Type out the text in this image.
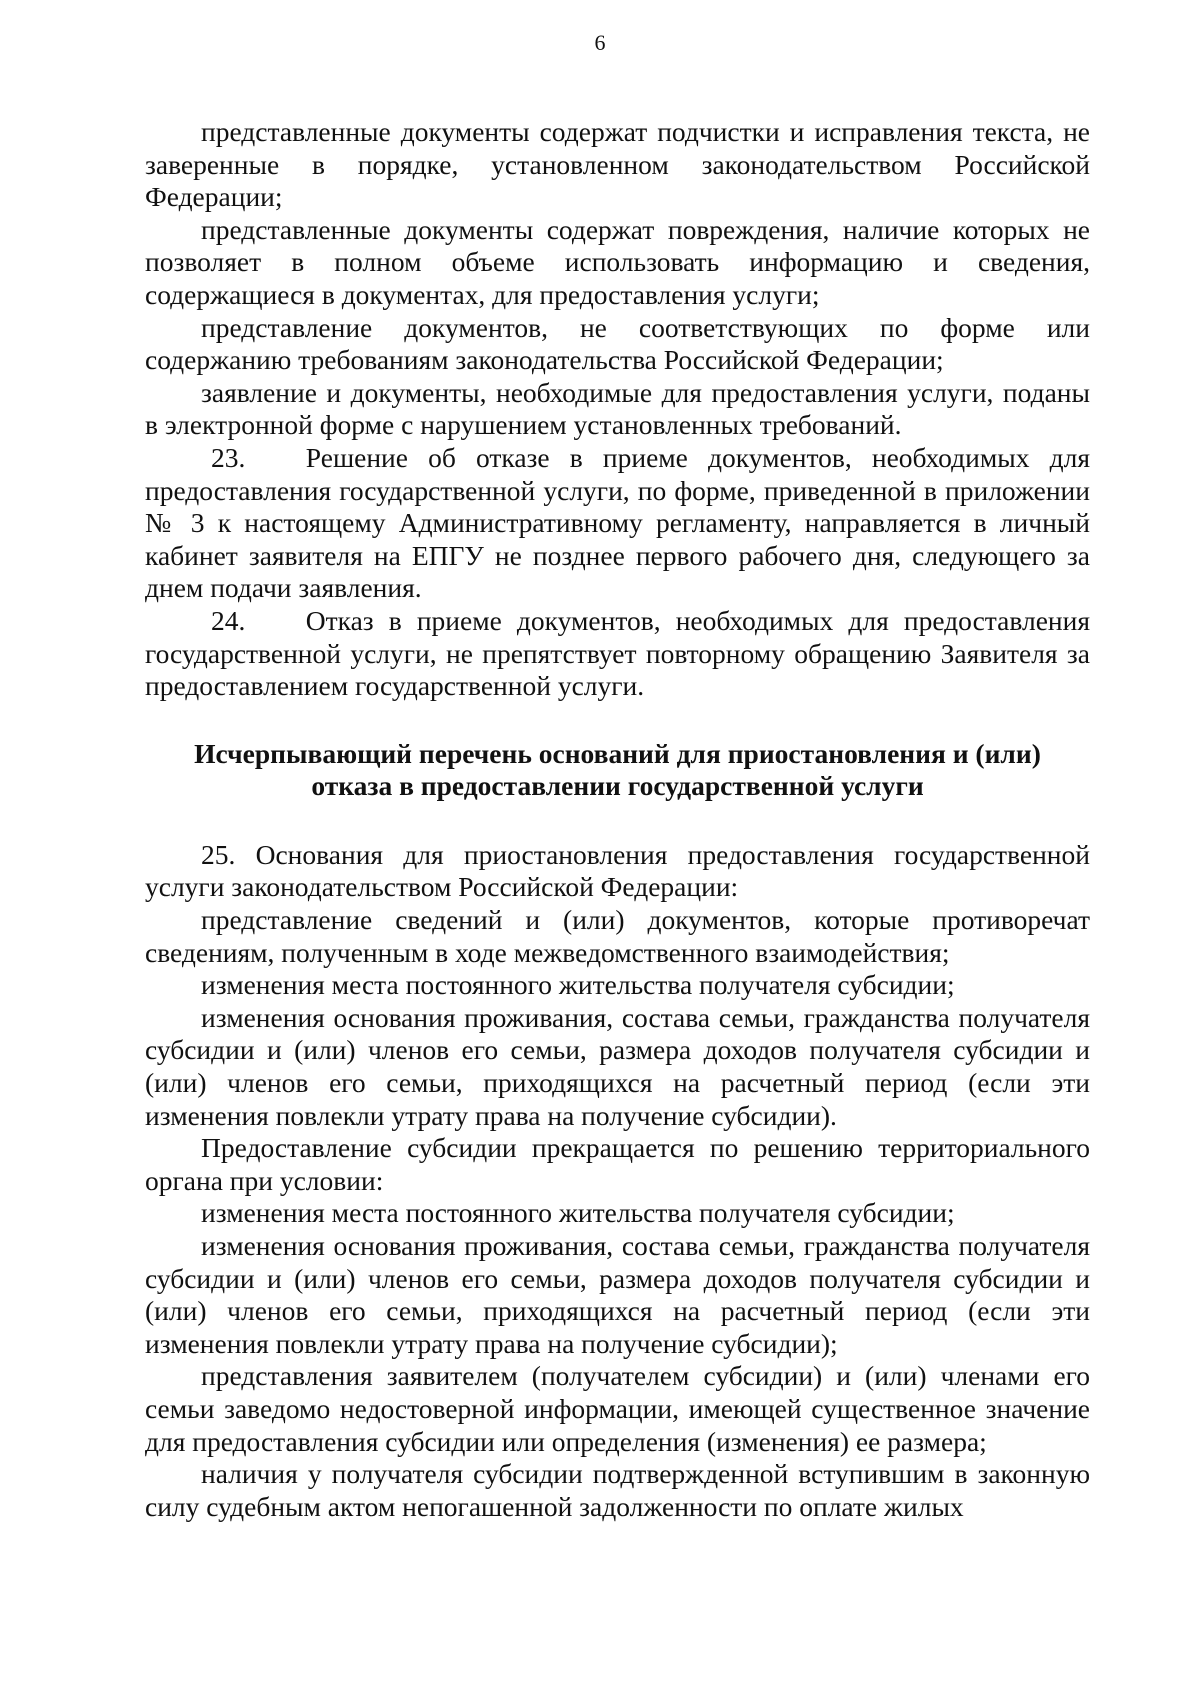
6

представленные документы содержат подчистки и исправления текста, не заверенные в порядке, установленном законодательством Российской Федерации;

представленные документы содержат повреждения, наличие которых не позволяет в полном объеме использовать информацию и сведения, содержащиеся в документах, для предоставления услуги;

представление документов, не соответствующих по форме или содержанию требованиям законодательства Российской Федерации;

заявление и документы, необходимые для предоставления услуги, поданы в электронной форме с нарушением установленных требований.

23.   Решение об отказе в приеме документов, необходимых для предоставления государственной услуги, по форме, приведенной в приложении № 3 к настоящему Административному регламенту, направляется в личный кабинет заявителя на ЕПГУ не позднее первого рабочего дня, следующего за днем подачи заявления.

24.    Отказ в приеме документов, необходимых для предоставления государственной услуги, не препятствует повторному обращению Заявителя за предоставлением государственной услуги.

Исчерпывающий перечень оснований для приостановления и (или)
отказа в предоставлении государственной услуги

25. Основания для приостановления предоставления государственной услуги законодательством Российской Федерации:

представление сведений и (или) документов, которые противоречат сведениям, полученным в ходе межведомственного взаимодействия;

изменения места постоянного жительства получателя субсидии;

изменения основания проживания, состава семьи, гражданства получателя субсидии и (или) членов его семьи, размера доходов получателя субсидии и (или) членов его семьи, приходящихся на расчетный период (если эти изменения повлекли утрату права на получение субсидии).

Предоставление субсидии прекращается по решению территориального органа при условии:

изменения места постоянного жительства получателя субсидии;

изменения основания проживания, состава семьи, гражданства получателя субсидии и (или) членов его семьи, размера доходов получателя субсидии и (или) членов его семьи, приходящихся на расчетный период (если эти изменения повлекли утрату права на получение субсидии);

представления заявителем (получателем субсидии) и (или) членами его семьи заведомо недостоверной информации, имеющей существенное значение для предоставления субсидии или определения (изменения) ее размера;

наличия у получателя субсидии подтвержденной вступившим в законную силу судебным актом непогашенной задолженности по оплате жилых
